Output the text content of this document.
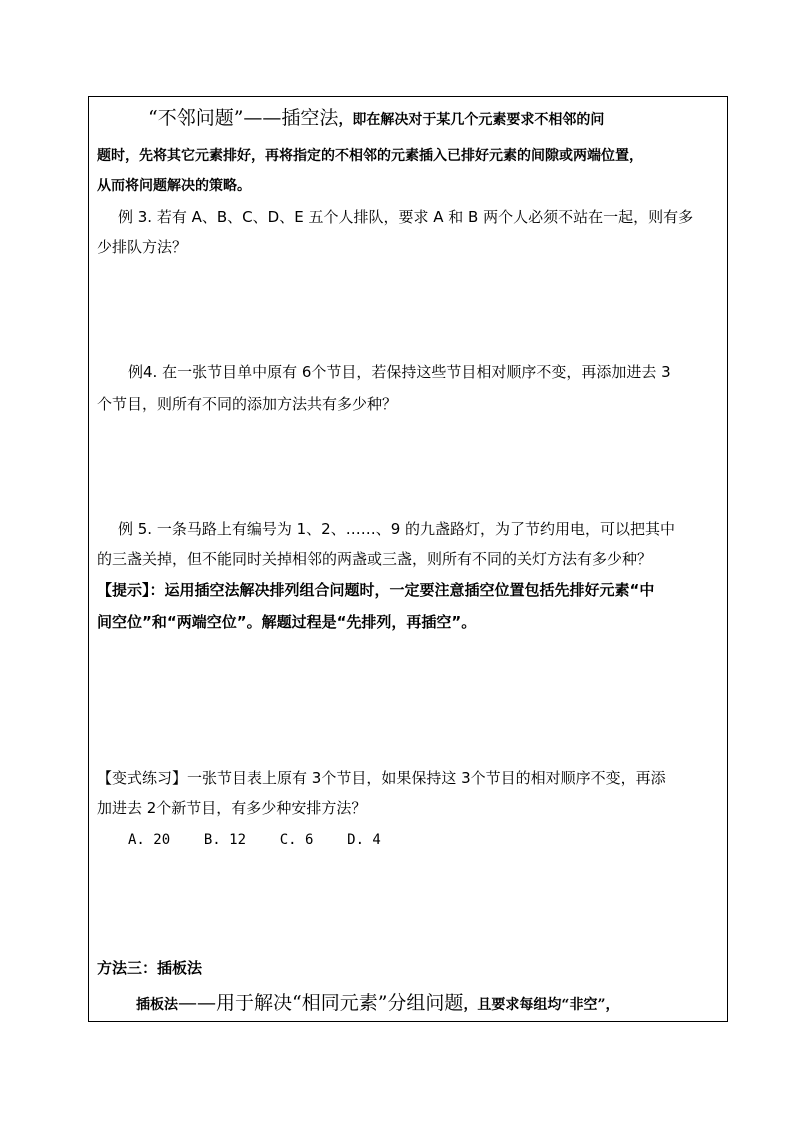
“不邻问题”——插空法，即在解决对于某几个元素要求不相邻的问
题时，先将其它元素排好，再将指定的不相邻的元素插入已排好元素的间隙或两端位置，
从而将问题解决的策略。
例 3. 若有 A、B、C、D、E 五个人排队，要求 A 和 B 两个人必须不站在一起，则有多
少排队方法？
例4. 在一张节目单中原有 6个节目，若保持这些节目相对顺序不变，再添加进去 3
个节目，则所有不同的添加方法共有多少种？
例 5. 一条马路上有编号为 1、2、……、9 的九盏路灯，为了节约用电，可以把其中
的三盏关掉，但不能同时关掉相邻的两盏或三盏，则所有不同的关灯方法有多少种？
【提示】：运用插空法解决排列组合问题时，一定要注意插空位置包括先排好元素“中
间空位”和“两端空位”。解题过程是“先排列，再插空”。
【变式练习】一张节目表上原有 3个节目，如果保持这 3个节目的相对顺序不变，再添
加进去 2个新节目，有多少种安排方法？
A. 20    B. 12    C. 6    D. 4
方法三：插板法
插板法——用于解决“相同元素”分组问题，且要求每组均“非空”，
